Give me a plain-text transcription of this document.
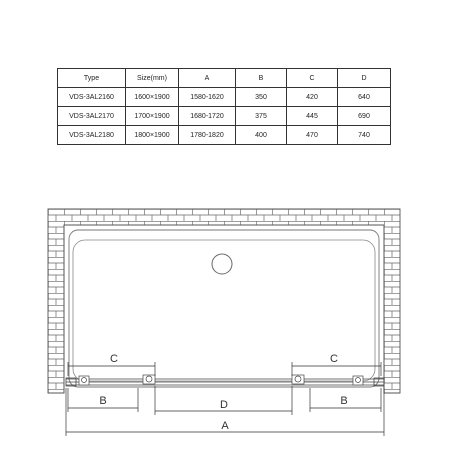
Type	Size(mm)	A	B	C	D
VDS-3AL2160	1600×1900	1580-1620	350	420	640
VDS-3AL2170	1700×1900	1680-1720	375	445	690
VDS-3AL2180	1800×1900	1780-1820	400	470	740
C	C
B	D	B
A
